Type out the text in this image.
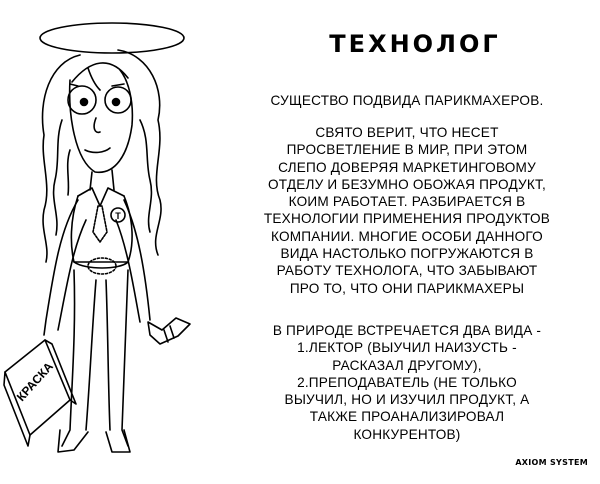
Т
КРАСКА
ТЕХНОЛОГ

СУЩЕСТВО ПОДВИДА ПАРИКМАХЕРОВ.

СВЯТО ВЕРИТ, ЧТО НЕСЕТ
ПРОСВЕТЛЕНИЕ В МИР, ПРИ ЭТОМ
СЛЕПО ДОВЕРЯЯ МАРКЕТИНГОВОМУ
ОТДЕЛУ И БЕЗУМНО ОБОЖАЯ ПРОДУКТ,
КОИМ РАБОТАЕТ. РАЗБИРАЕТСЯ В
ТЕХНОЛОГИИ ПРИМЕНЕНИЯ ПРОДУКТОВ
КОМПАНИИ. МНОГИЕ ОСОБИ ДАННОГО
ВИДА НАСТОЛЬКО ПОГРУЖАЮТСЯ В
РАБОТУ ТЕХНОЛОГА, ЧТО ЗАБЫВАЮТ
ПРО ТО, ЧТО ОНИ ПАРИКМАХЕРЫ

В ПРИРОДЕ ВСТРЕЧАЕТСЯ ДВА ВИДА -
1.ЛЕКТОР (ВЫУЧИЛ НАИЗУСТЬ -
РАСКАЗАЛ ДРУГОМУ),
2.ПРЕПОДАВАТЕЛЬ (НЕ ТОЛЬКО
ВЫУЧИЛ, НО И ИЗУЧИЛ ПРОДУКТ, А
ТАКЖЕ ПРОАНАЛИЗИРОВАЛ
КОНКУРЕНТОВ)

AXIOM SYSTEM
